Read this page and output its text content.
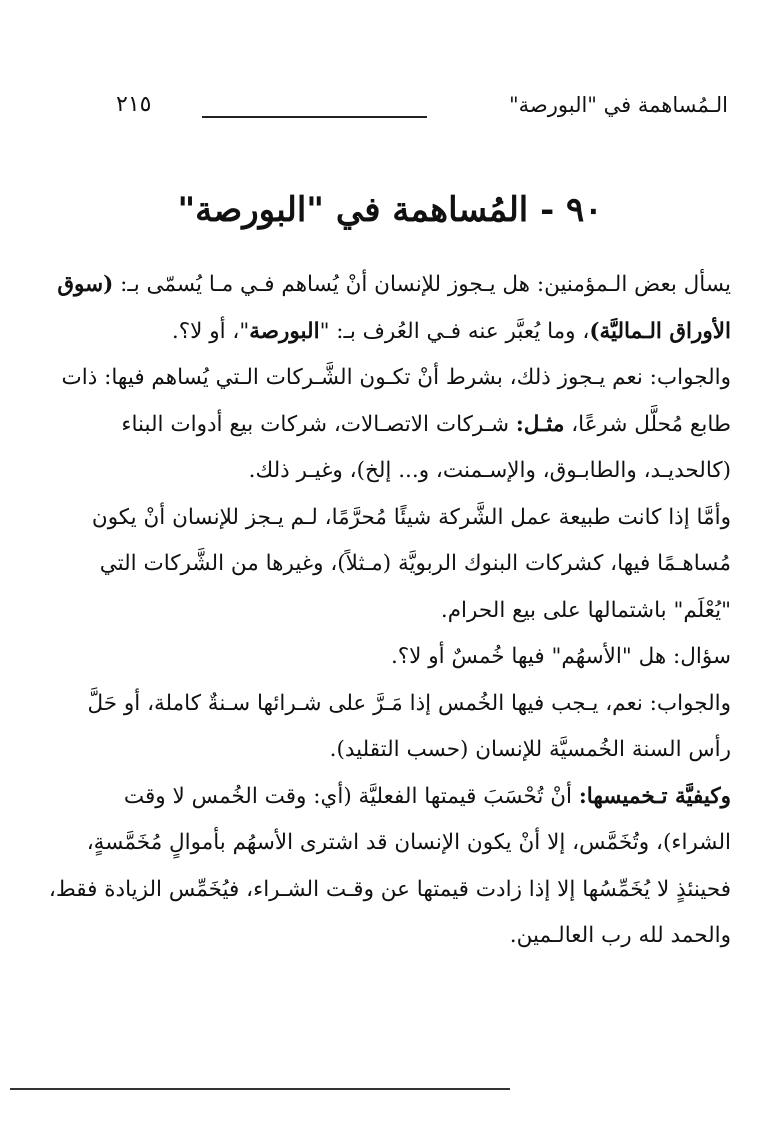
الـمُساهمة في "البورصة"
٢١٥
٩٠ - المُساهمة في "البورصة"

يسأل بعض الـمؤمنين: هل يـجوز للإنسان أنْ يُساهم فـي مـا يُسمّى بـ: (سوق الأوراق الـماليَّة)، وما يُعبَّر عنه فـي العُرف بـ: "البورصة"، أو لا؟.

والجواب: نعم يـجوز ذلك، بشرط أنْ تكـون الشَّـركات الـتي يُساهم فيها: ذات طابع مُحلَّل شرعًا، مثـل: شـركات الاتصـالات، شركات بيع أدوات البناء (كالحديـد، والطابـوق، والإسـمنت، و... إلخ)، وغيـر ذلك.

وأمَّا إذا كانت طبيعة عمل الشَّركة شيئًا مُحرَّمًا، لـم يـجز للإنسان أنْ يكون مُساهـمًا فيها، كشركات البنوك الربويَّة (مـثلاً)، وغيرها من الشَّركات التي "يُعْلَم" باشتمالها على بيع الحرام.

سؤال: هل "الأسهُم" فيها خُمسٌ أو لا؟.

والجواب: نعم، يـجب فيها الخُمس إذا مَـرَّ على شـرائها سـنةٌ كاملة، أو حَلَّ رأس السنة الخُمسيَّة للإنسان (حسب التقليد).

وكيفيَّة تـخميسها: أنْ تُحْسَبَ قيمتها الفعليَّة (أي: وقت الخُمس لا وقت الشراء)، وتُخَمَّس، إلا أنْ يكون الإنسان قد اشترى الأسهُم بأموالٍ مُخَمَّسةٍ، فحينئذٍ لا يُخَمِّسُها إلا إذا زادت قيمتها عن وقـت الشـراء، فيُخَمِّس الزيادة فقط، والحمد لله رب العالـمين.
